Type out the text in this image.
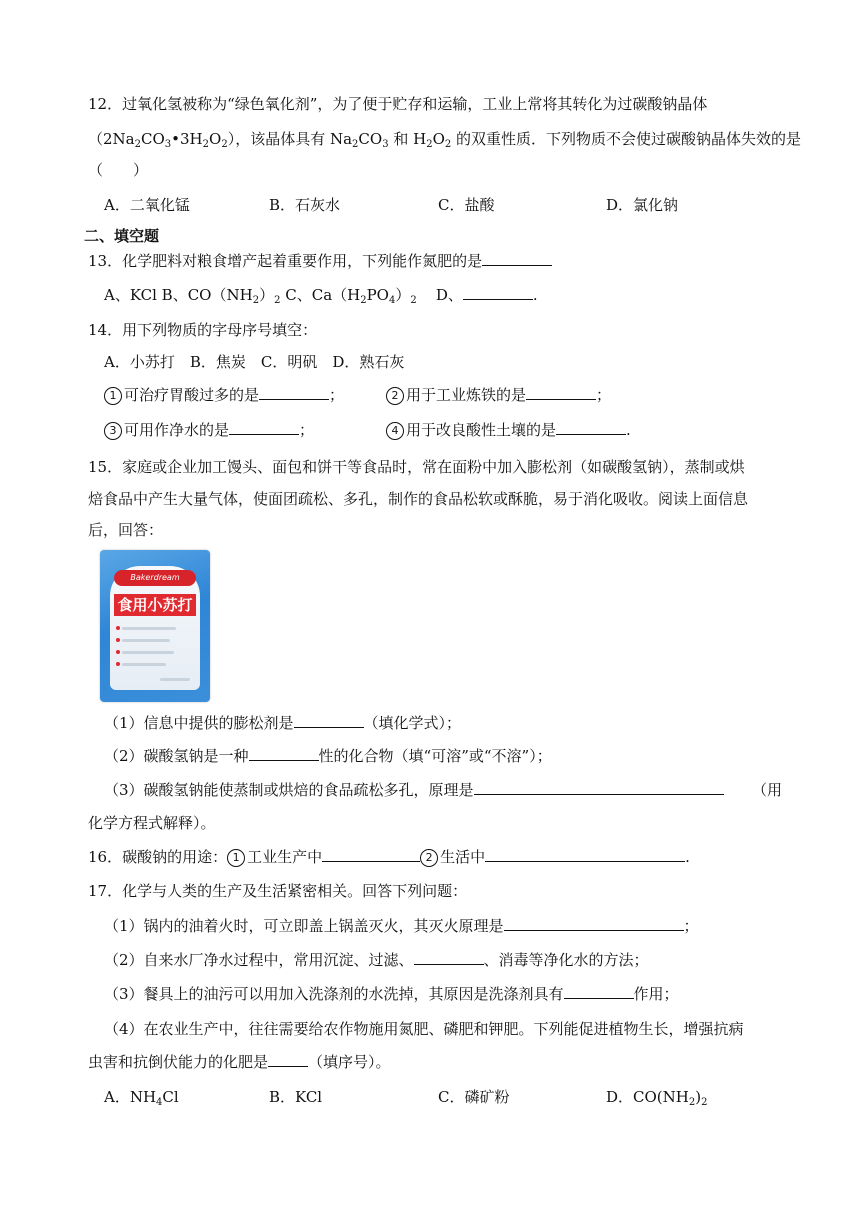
12．过氧化氢被称为“绿色氧化剂”，为了便于贮存和运输，工业上常将其转化为过碳酸钠晶体
$(2Na_2CO_3•3H_2O_2)$，该晶体具有 $Na_2CO_3$ 和 $H_2O_2$ 的双重性质．下列物质不会使过碳酸钠晶体失效的是
（　　）
A．二氧化锰	B．石灰水	C．盐酸	D．氯化钠
二、填空题
13．化学肥料对粮食增产起着重要作用，下列能作氮肥的是
A、KCl B、$CO(NH_2)_2$ C、$Ca(H_2PO_4)_2$ D、	.
14．用下列物质的字母序号填空：
A．小苏打　B．焦炭　C．明矾　D．熟石灰
1 可治疗胃酸过多的是	；	2 用于工业炼铁的是	；
3 可用作净水的是	；	4 用于改良酸性土壤的是	.
15．家庭或企业加工馒头、面包和饼干等食品时，常在面粉中加入膨松剂（如碳酸氢钠），蒸制或烘
焙食品中产生大量气体，使面团疏松、多孔，制作的食品松软或酥脆，易于消化吸收。阅读上面信息
后，回答：
Bakerdream
食用小苏打
（1）信息中提供的膨松剂是	（填化学式）；
（2）碳酸氢钠是一种	性的化合物（填“可溶”或“不溶”）；
（3）碳酸氢钠能使蒸制或烘焙的食品疏松多孔，原理是	（用
化学方程式解释）。
16．碳酸钠的用途： 1 工业生产中	2 生活中	.
17．化学与人类的生产及生活紧密相关。回答下列问题：
（1）锅内的油着火时，可立即盖上锅盖灭火，其灭火原理是	；
（2）自来水厂净水过程中，常用沉淀、过滤、	、消毒等净化水的方法；
（3）餐具上的油污可以用加入洗涤剂的水洗掉，其原因是洗涤剂具有	作用；
（4）在农业生产中，往往需要给农作物施用氮肥、磷肥和钾肥。下列能促进植物生长，增强抗病
虫害和抗倒伏能力的化肥是	（填序号）。
A．$NH_4Cl$	B．KCl	C．磷矿粉	D．$CO(NH_2)_2$
